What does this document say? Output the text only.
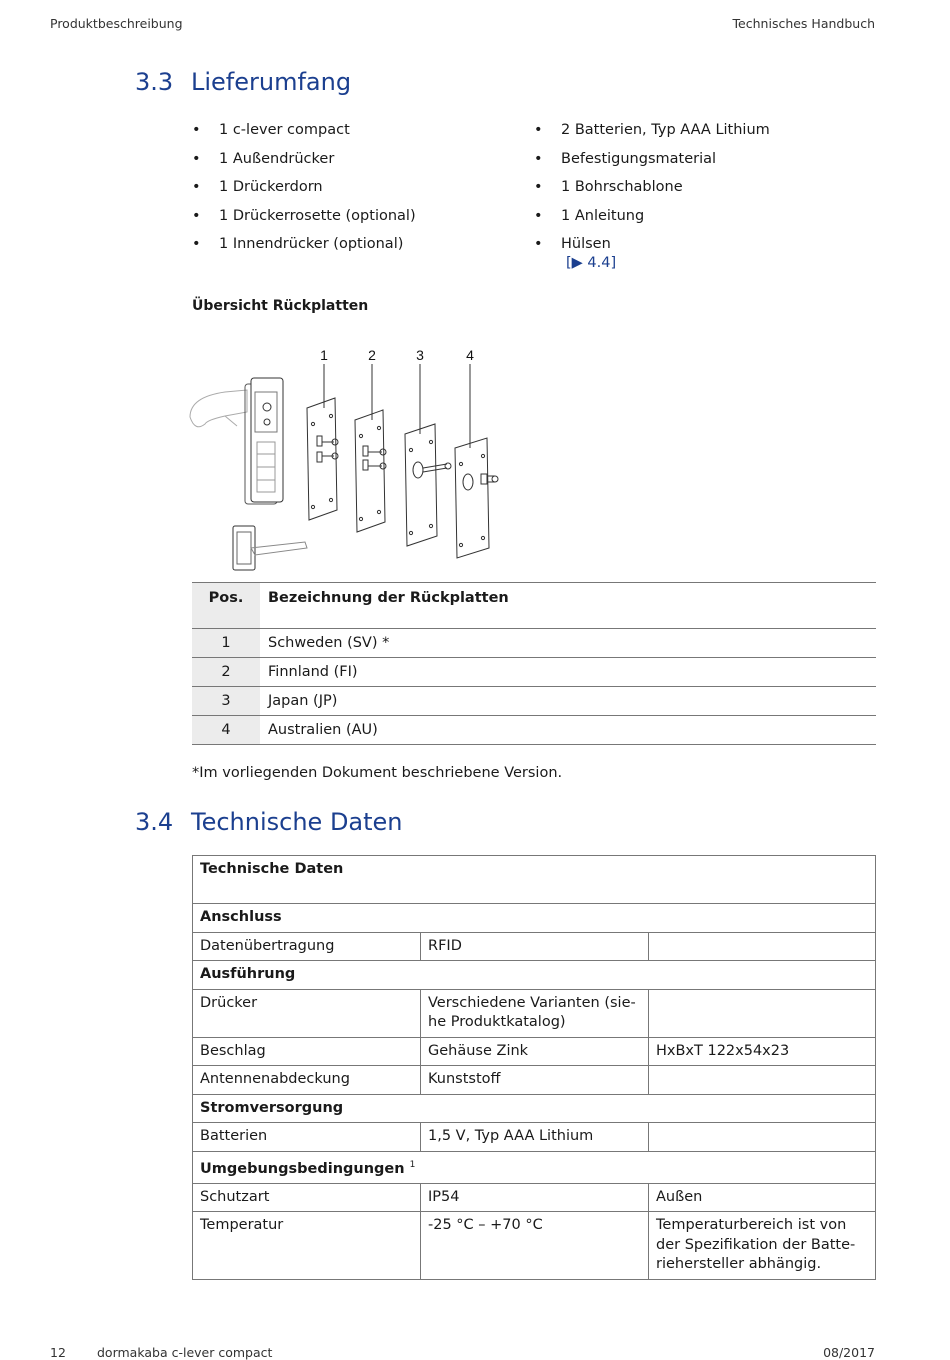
Produktbeschreibung	Technisches Handbuch
3.3 Lieferumfang
• 1 c-lever compact
• 1 Außendrücker
• 1 Drückerdorn
• 1 Drückerrosette (optional)
• 1 Innendrücker (optional)
• 2 Batterien, Typ AAA Lithium
• Befestigungsmaterial
• 1 Bohrschablone
• 1 Anleitung
• Hülsen
[▶ 4.4]
Übersicht Rückplatten
1	2	3	4
Pos.	Bezeichnung der Rückplatten
1	Schweden (SV) *
2	Finnland (FI)
3	Japan (JP)
4	Australien (AU)
*Im vorliegenden Dokument beschriebene Version.
3.4 Technische Daten
Technische Daten		
Anschluss		
Datenübertragung	RFID	
Ausführung		
Drücker	Verschiedene Varianten (sie-he Produktkatalog)	
Beschlag	Gehäuse Zink	HxBxT 122x54x23
Antennenabdeckung	Kunststoff	
Stromversorgung		
Batterien	1,5 V, Typ AAA Lithium	
Umgebungsbedingungen $^1$
Schutzart	IP54	Außen
Temperatur	-25 °C – +70 °C	Temperaturbereich ist von der Spezifikation der Batte-riehersteller abhängig.
12 dormakaba c-lever compact	08/2017
